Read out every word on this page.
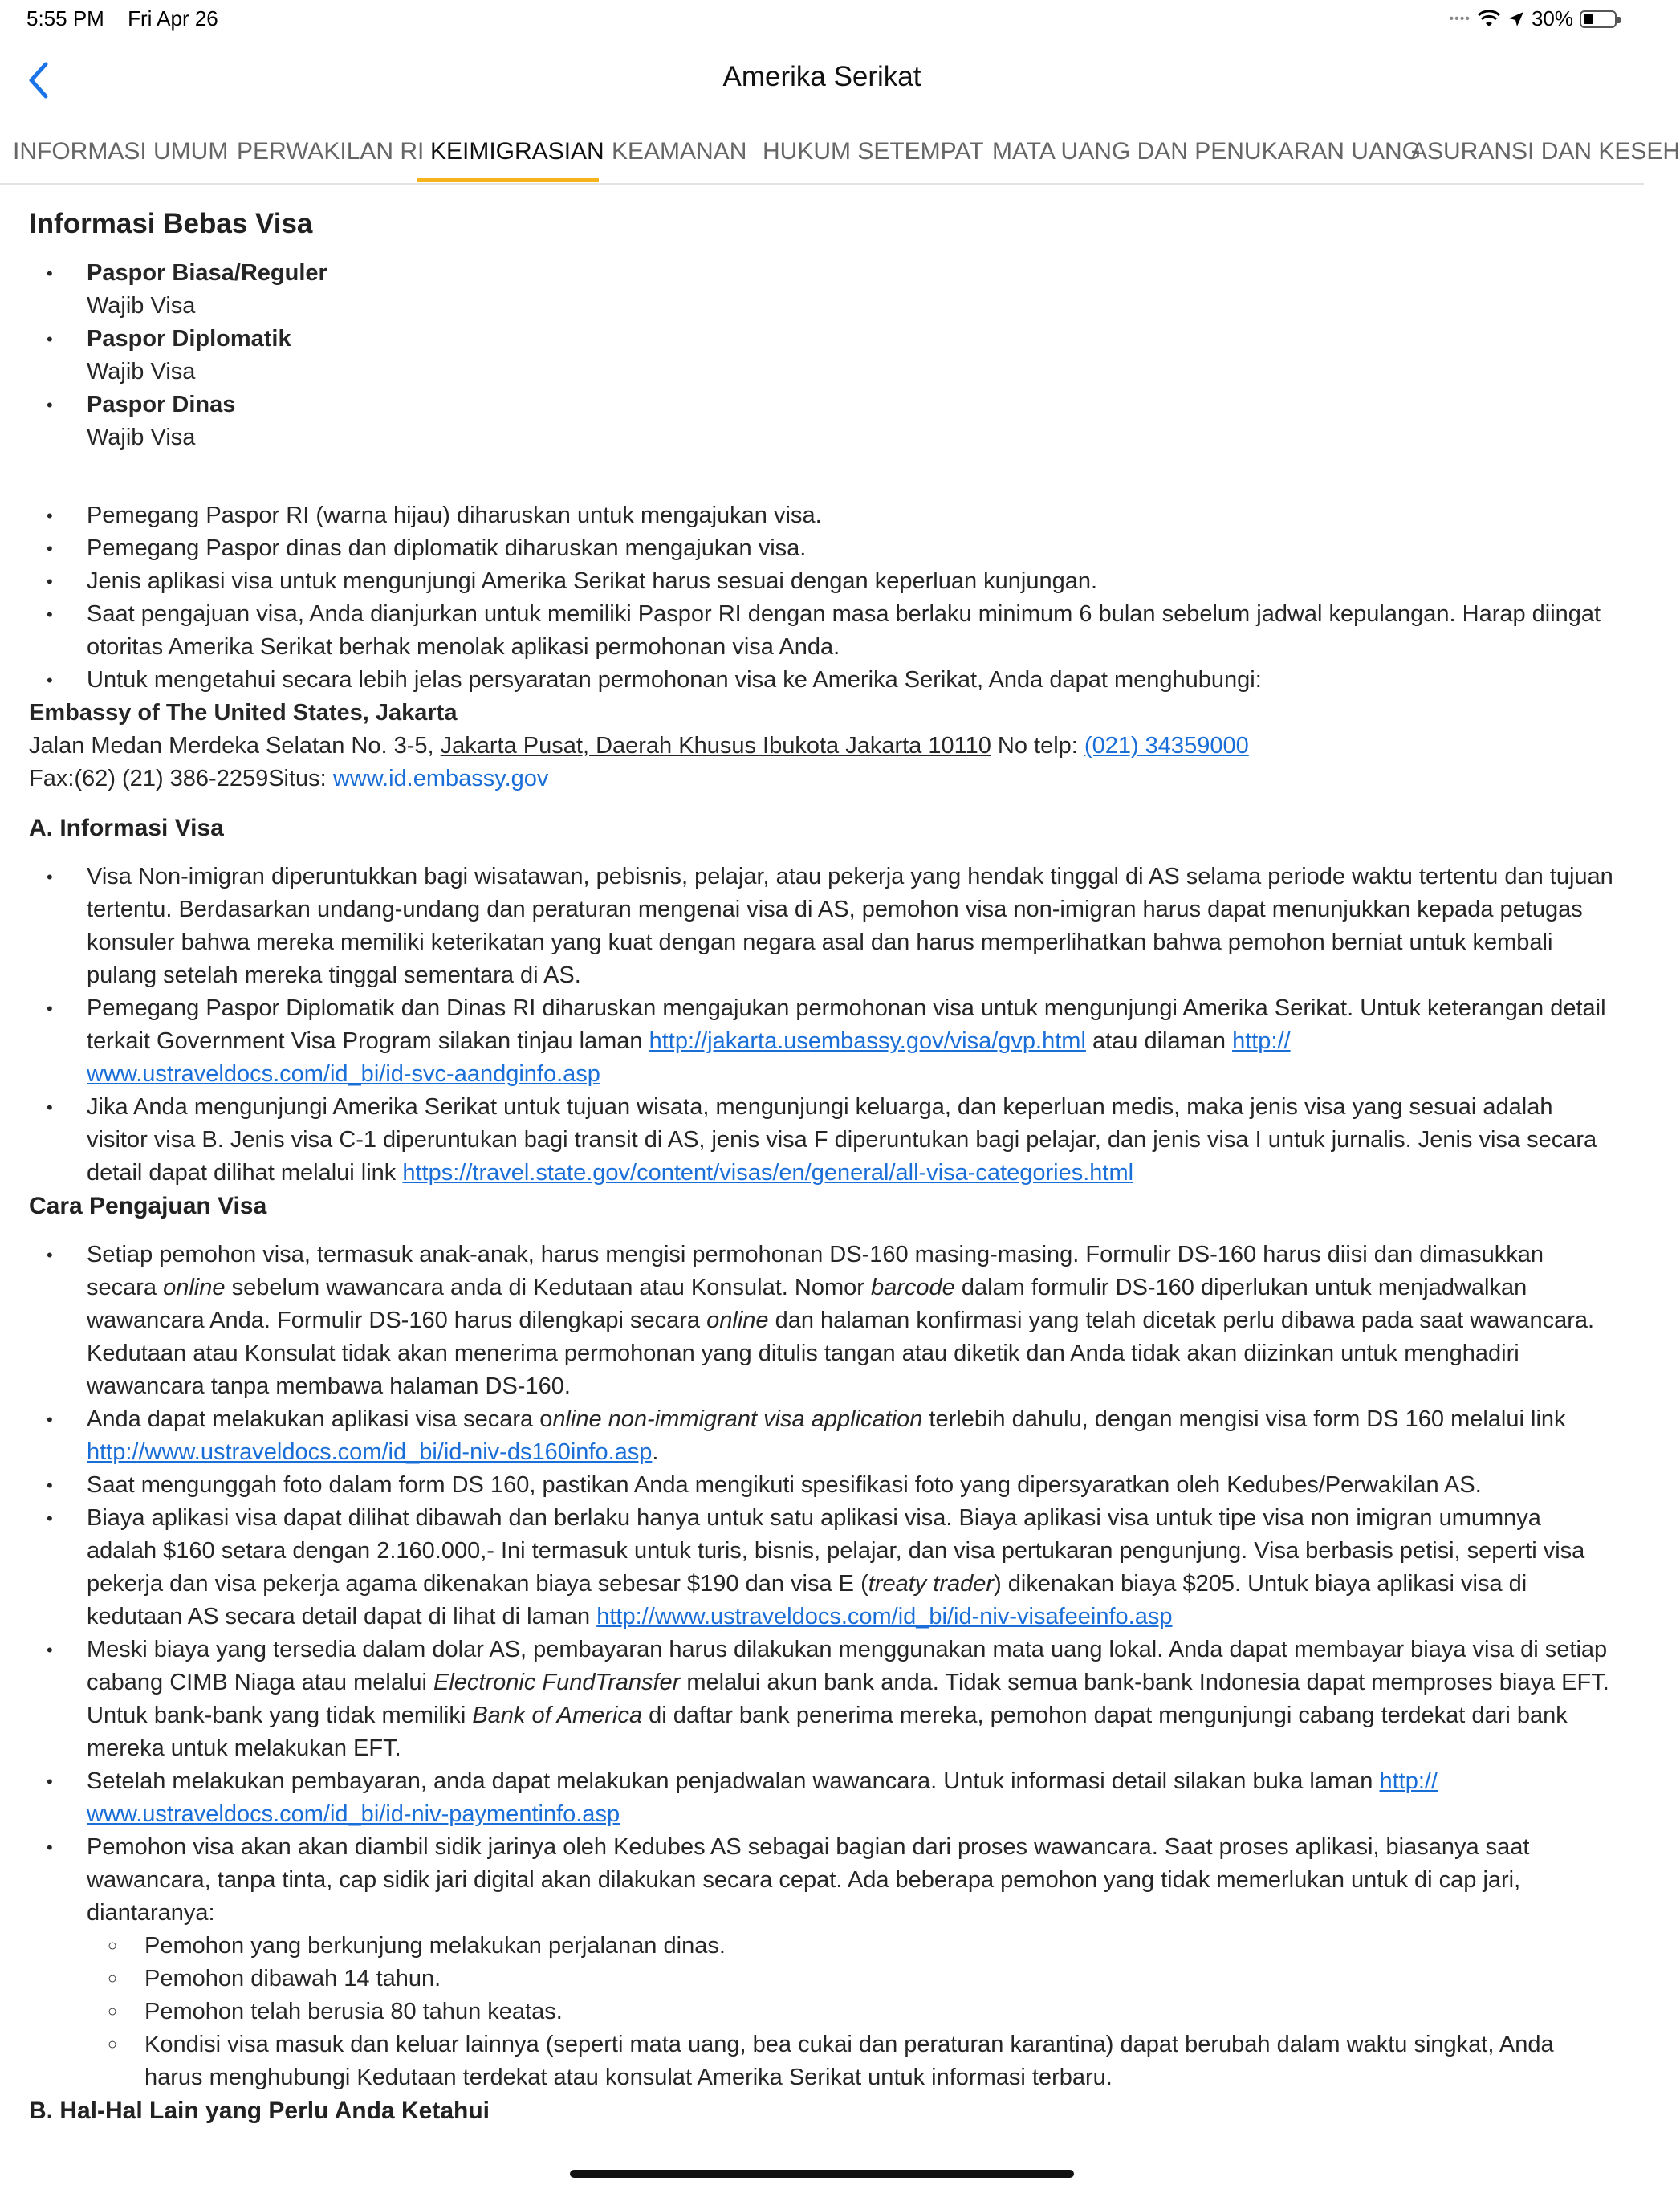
5:55 PM Fri Apr 26	••••	30%
Amerika Serikat
INFORMASI UMUM PERWAKILAN RI KEIMIGRASIAN KEAMANAN HUKUM SETEMPAT MATA UANG DAN PENUKARAN UANG
ASURANSI DAN KESEH
Informasi Bebas Visa
• Paspor Biasa/Reguler
Wajib Visa
• Paspor Diplomatik
Wajib Visa
• Paspor Dinas
Wajib Visa
• Pemegang Paspor RI (warna hijau) diharuskan untuk mengajukan visa.
• Pemegang Paspor dinas dan diplomatik diharuskan mengajukan visa.
• Jenis aplikasi visa untuk mengunjungi Amerika Serikat harus sesuai dengan keperluan kunjungan.
• Saat pengajuan visa, Anda dianjurkan untuk memiliki Paspor RI dengan masa berlaku minimum 6 bulan sebelum jadwal kepulangan. Harap diingat otoritas Amerika Serikat berhak menolak aplikasi permohonan visa Anda.
• Untuk mengetahui secara lebih jelas persyaratan permohonan visa ke Amerika Serikat, Anda dapat menghubungi:
Embassy of The United States, Jakarta
Jalan Medan Merdeka Selatan No. 3-5, Jakarta Pusat, Daerah Khusus Ibukota Jakarta 10110 No telp: (021) 34359000
Fax:(62) (21) 386-2259Situs: www.id.embassy.gov
A. Informasi Visa
• Visa Non-imigran diperuntukkan bagi wisatawan, pebisnis, pelajar, atau pekerja yang hendak tinggal di AS selama periode waktu tertentu dan tujuan tertentu. Berdasarkan undang-undang dan peraturan mengenai visa di AS, pemohon visa non-imigran harus dapat menunjukkan kepada petugas konsuler bahwa mereka memiliki keterikatan yang kuat dengan negara asal dan harus memperlihatkan bahwa pemohon berniat untuk kembali pulang setelah mereka tinggal sementara di AS.
• Pemegang Paspor Diplomatik dan Dinas RI diharuskan mengajukan permohonan visa untuk mengunjungi Amerika Serikat. Untuk keterangan detail terkait Government Visa Program silakan tinjau laman http://jakarta.usembassy.gov/visa/gvp.html atau dilaman http://
www.ustraveldocs.com/id_bi/id-svc-aandginfo.asp
• Jika Anda mengunjungi Amerika Serikat untuk tujuan wisata, mengunjungi keluarga, dan keperluan medis, maka jenis visa yang sesuai adalah visitor visa B. Jenis visa C-1 diperuntukan bagi transit di AS, jenis visa F diperuntukan bagi pelajar, dan jenis visa I untuk jurnalis. Jenis visa secara detail dapat dilihat melalui link https://travel.state.gov/content/visas/en/general/all-visa-categories.html
Cara Pengajuan Visa
• Setiap pemohon visa, termasuk anak-anak, harus mengisi permohonan DS-160 masing-masing. Formulir DS-160 harus diisi dan dimasukkan secara online sebelum wawancara anda di Kedutaan atau Konsulat. Nomor barcode dalam formulir DS-160 diperlukan untuk menjadwalkan wawancara Anda. Formulir DS-160 harus dilengkapi secara online dan halaman konfirmasi yang telah dicetak perlu dibawa pada saat wawancara. Kedutaan atau Konsulat tidak akan menerima permohonan yang ditulis tangan atau diketik dan Anda tidak akan diizinkan untuk menghadiri wawancara tanpa membawa halaman DS-160.
• Anda dapat melakukan aplikasi visa secara online non-immigrant visa application terlebih dahulu, dengan mengisi visa form DS 160 melalui link http://www.ustraveldocs.com/id_bi/id-niv-ds160info.asp.
• Saat mengunggah foto dalam form DS 160, pastikan Anda mengikuti spesifikasi foto yang dipersyaratkan oleh Kedubes/Perwakilan AS.
• Biaya aplikasi visa dapat dilihat dibawah dan berlaku hanya untuk satu aplikasi visa. Biaya aplikasi visa untuk tipe visa non imigran umumnya adalah $160 setara dengan 2.160.000,- Ini termasuk untuk turis, bisnis, pelajar, dan visa pertukaran pengunjung. Visa berbasis petisi, seperti visa pekerja dan visa pekerja agama dikenakan biaya sebesar $190 dan visa E (treaty trader) dikenakan biaya $205. Untuk biaya aplikasi visa di kedutaan AS secara detail dapat di lihat di laman http://www.ustraveldocs.com/id_bi/id-niv-visafeeinfo.asp
• Meski biaya yang tersedia dalam dolar AS, pembayaran harus dilakukan menggunakan mata uang lokal. Anda dapat membayar biaya visa di setiap cabang CIMB Niaga atau melalui Electronic FundTransfer melalui akun bank anda. Tidak semua bank-bank Indonesia dapat memproses biaya EFT. Untuk bank-bank yang tidak memiliki Bank of America di daftar bank penerima mereka, pemohon dapat mengunjungi cabang terdekat dari bank mereka untuk melakukan EFT.
• Setelah melakukan pembayaran, anda dapat melakukan penjadwalan wawancara. Untuk informasi detail silakan buka laman http://
www.ustraveldocs.com/id_bi/id-niv-paymentinfo.asp
• Pemohon visa akan akan diambil sidik jarinya oleh Kedubes AS sebagai bagian dari proses wawancara. Saat proses aplikasi, biasanya saat wawancara, tanpa tinta, cap sidik jari digital akan dilakukan secara cepat. Ada beberapa pemohon yang tidak memerlukan untuk di cap jari, diantaranya:
○ Pemohon yang berkunjung melakukan perjalanan dinas.
○ Pemohon dibawah 14 tahun.
○ Pemohon telah berusia 80 tahun keatas.
○ Kondisi visa masuk dan keluar lainnya (seperti mata uang, bea cukai dan peraturan karantina) dapat berubah dalam waktu singkat, Anda harus menghubungi Kedutaan terdekat atau konsulat Amerika Serikat untuk informasi terbaru.
B. Hal-Hal Lain yang Perlu Anda Ketahui
